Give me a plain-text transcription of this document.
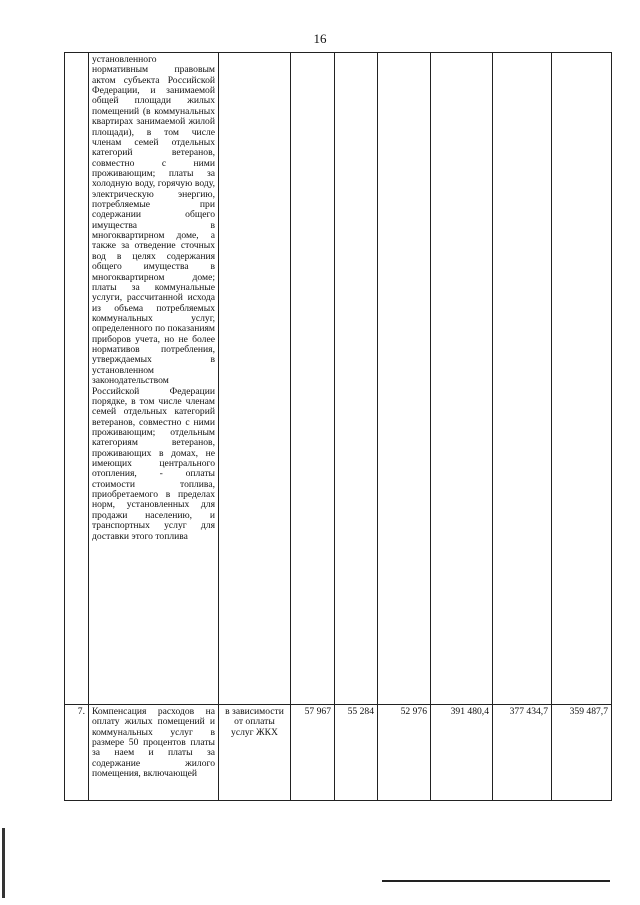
16
	установленного нормативным правовым актом субъекта Российской Федерации, и занимаемой общей площади жилых помещений (в коммунальных квартирах занимаемой жилой площади), в том числе членам семей отдельных категорий ветеранов, совместно с ними проживающим; платы за холодную воду, горячую воду, электрическую энергию, потребляемые при содержании общего имущества в многоквартирном доме, а также за отведение сточных вод в целях содержания общего имущества в многоквартирном доме; платы за коммунальные услуги, рассчитанной исхода из объема потребляемых коммунальных услуг, определенного по показаниям приборов учета, но не более нормативов потребления, утверждаемых в установленном законодательством Российской Федерации порядке, в том числе членам семей отдельных категорий ветеранов, совместно с ними проживающим; отдельным категориям ветеранов, проживающих в домах, не имеющих центрального отопления, - оплаты стоимости топлива, приобретаемого в пределах норм, установленных для продажи населению, и транспортных услуг для доставки этого топлива							
7.	Компенсация расходов на оплату жилых помещений и коммунальных услуг в размере 50 процентов платы за наем и платы за содержание жилого помещения, включающей	в зависимости от оплаты услуг ЖКХ	57 967	55 284	52 976	391 480,4	377 434,7	359 487,7
